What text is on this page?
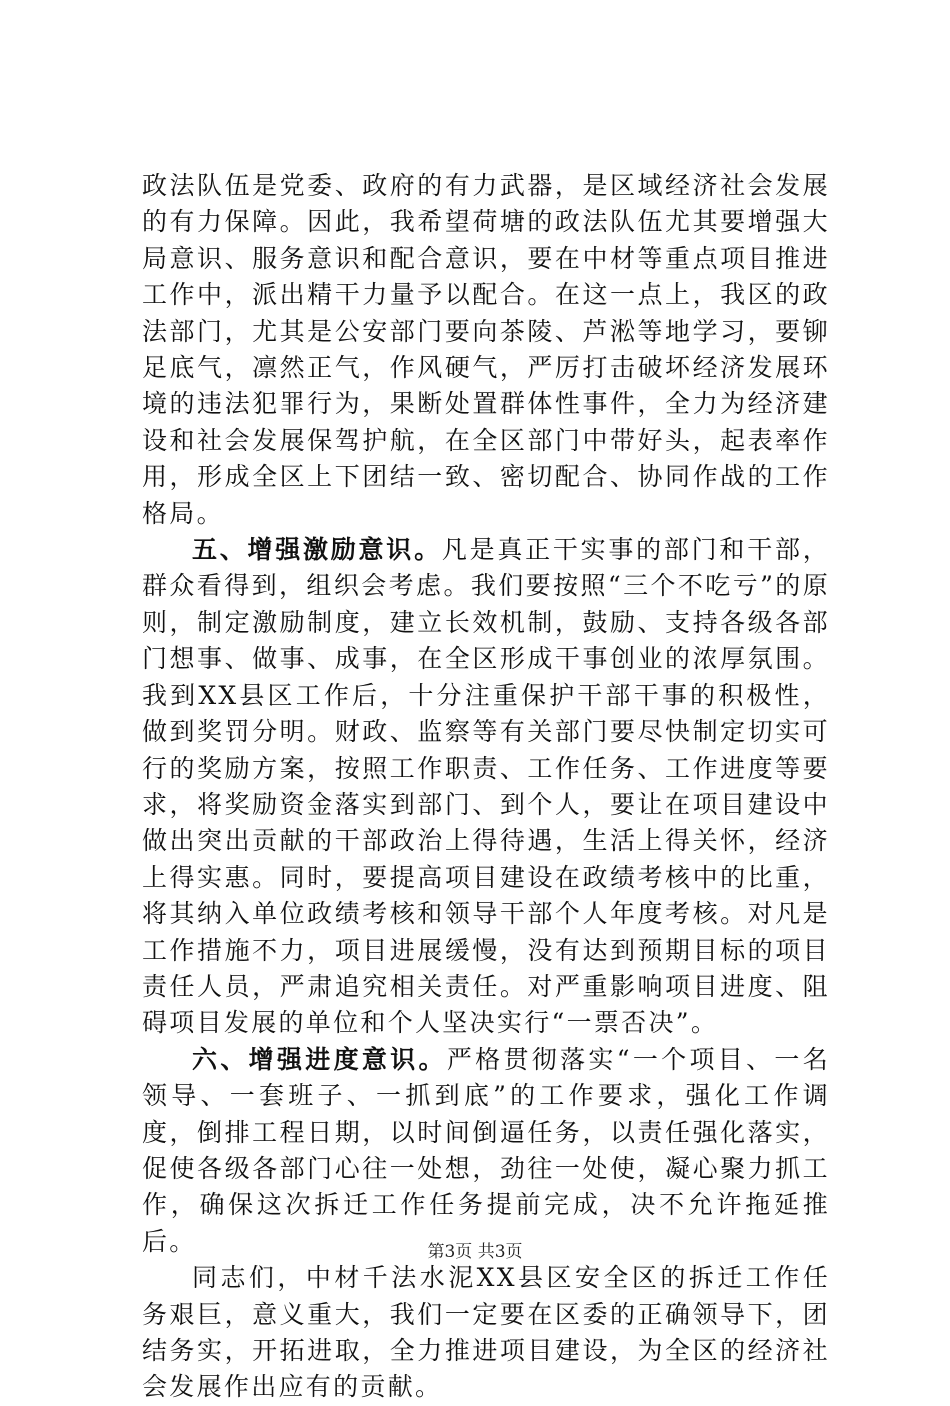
政法队伍是党委、政府的有力武器，是区域经济社会发展的有力保障。因此，我希望荷塘的政法队伍尤其要增强大局意识、服务意识和配合意识，要在中材等重点项目推进工作中，派出精干力量予以配合。在这一点上，我区的政法部门，尤其是公安部门要向茶陵、芦淞等地学习，要铆足底气，凛然正气，作风硬气，严厉打击破坏经济发展环境的违法犯罪行为，果断处置群体性事件，全力为经济建设和社会发展保驾护航，在全区部门中带好头，起表率作用，形成全区上下团结一致、密切配合、协同作战的工作格局。

五、增强激励意识。凡是真正干实事的部门和干部，群众看得到，组织会考虑。我们要按照“三个不吃亏”的原则，制定激励制度，建立长效机制，鼓励、支持各级各部门想事、做事、成事，在全区形成干事创业的浓厚氛围。我到XX县区工作后，十分注重保护干部干事的积极性，做到奖罚分明。财政、监察等有关部门要尽快制定切实可行的奖励方案，按照工作职责、工作任务、工作进度等要求，将奖励资金落实到部门、到个人，要让在项目建设中做出突出贡献的干部政治上得待遇，生活上得关怀，经济上得实惠。同时，要提高项目建设在政绩考核中的比重，将其纳入单位政绩考核和领导干部个人年度考核。对凡是工作措施不力，项目进展缓慢，没有达到预期目标的项目责任人员，严肃追究相关责任。对严重影响项目进度、阻碍项目发展的单位和个人坚决实行“一票否决”。

六、增强进度意识。严格贯彻落实“一个项目、一名领导、一套班子、一抓到底”的工作要求，强化工作调度，倒排工程日期，以时间倒逼任务，以责任强化落实，促使各级各部门心往一处想，劲往一处使，凝心聚力抓工作，确保这次拆迁工作任务提前完成，决不允许拖延推后。

同志们，中材千法水泥XX县区安全区的拆迁工作任务艰巨，意义重大，我们一定要在区委的正确领导下，团结务实，开拓进取，全力推进项目建设，为全区的经济社会发展作出应有的贡献。

第3页 共3页
